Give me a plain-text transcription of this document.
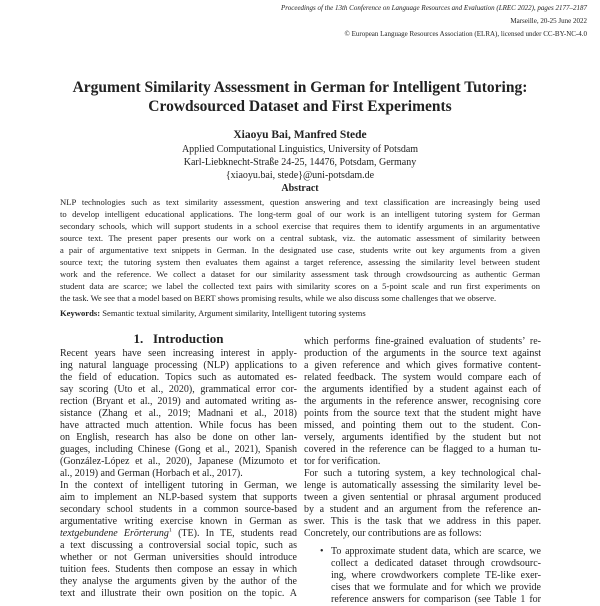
Proceedings of the 13th Conference on Language Resources and Evaluation (LREC 2022), pages 2177–2187
Marseille, 20-25 June 2022
© European Language Resources Association (ELRA), licensed under CC-BY-NC-4.0
Argument Similarity Assessment in German for Intelligent Tutoring:
Crowdsourced Dataset and First Experiments
Xiaoyu Bai, Manfred Stede
Applied Computational Linguistics, University of Potsdam
Karl-Liebknecht-Straße 24-25, 14476, Potsdam, Germany
{xiaoyu.bai, stede}@uni-potsdam.de
Abstract
NLP technologies such as text similarity assessment, question answering and text classification are increasingly being used
to develop intelligent educational applications. The long-term goal of our work is an intelligent tutoring system for German
secondary schools, which will support students in a school exercise that requires them to identify arguments in an argumentative
source text. The present paper presents our work on a central subtask, viz. the automatic assessment of similarity between
a pair of argumentative text snippets in German. In the designated use case, students write out key arguments from a given
source text; the tutoring system then evaluates them against a target reference, assessing the similarity level between student
work and the reference. We collect a dataset for our similarity assessment task through crowdsourcing as authentic German
student data are scarce; we label the collected text pairs with similarity scores on a 5-point scale and run first experiments on
the task. We see that a model based on BERT shows promising results, while we also discuss some challenges that we observe.
Keywords: Semantic textual similarity, Argument similarity, Intelligent tutoring systems
1. Introduction
Recent years have seen increasing interest in apply-
ing natural language processing (NLP) applications to
the field of education. Topics such as automated es-
say scoring (Uto et al., 2020), grammatical error cor-
rection (Bryant et al., 2019) and automated writing as-
sistance (Zhang et al., 2019; Madnani et al., 2018)
have attracted much attention. While focus has been
on English, research has also be done on other lan-
guages, including Chinese (Gong et al., 2021), Spanish
(González-López et al., 2020), Japanese (Mizumoto et
al., 2019) and German (Horbach et al., 2017).
In the context of intelligent tutoring in German, we
aim to implement an NLP-based system that supports
secondary school students in a common source-based
argumentative writing exercise known in German as
textgebundene Erörterung$^1$ (TE). In TE, students read
a text discussing a controversial social topic, such as
whether or not German universities should introduce
tuition fees. Students then compose an essay in which
they analyse the arguments given by the author of the
text and illustrate their own position on the topic. A
which performs fine-grained evaluation of students’ re-
production of the arguments in the source text against
a given reference and which gives formative content-
related feedback. The system would compare each of
the arguments identified by a student against each of
the arguments in the reference answer, recognising core
points from the source text that the student might have
missed, and pointing them out to the student. Con-
versely, arguments identified by the student but not
covered in the reference can be flagged to a human tu-
tor for verification.
For such a tutoring system, a key technological chal-
lenge is automatically assessing the similarity level be-
tween a given sentential or phrasal argument produced
by a student and an argument from the reference an-
swer. This is the task that we address in this paper.
Concretely, our contributions are as follows:
• To approximate student data, which are scarce, we
collect a dedicated dataset through crowdsourc-
ing, where crowdworkers complete TE-like exer-
cises that we formulate and for which we provide
reference answers for comparison (see Table 1 for
